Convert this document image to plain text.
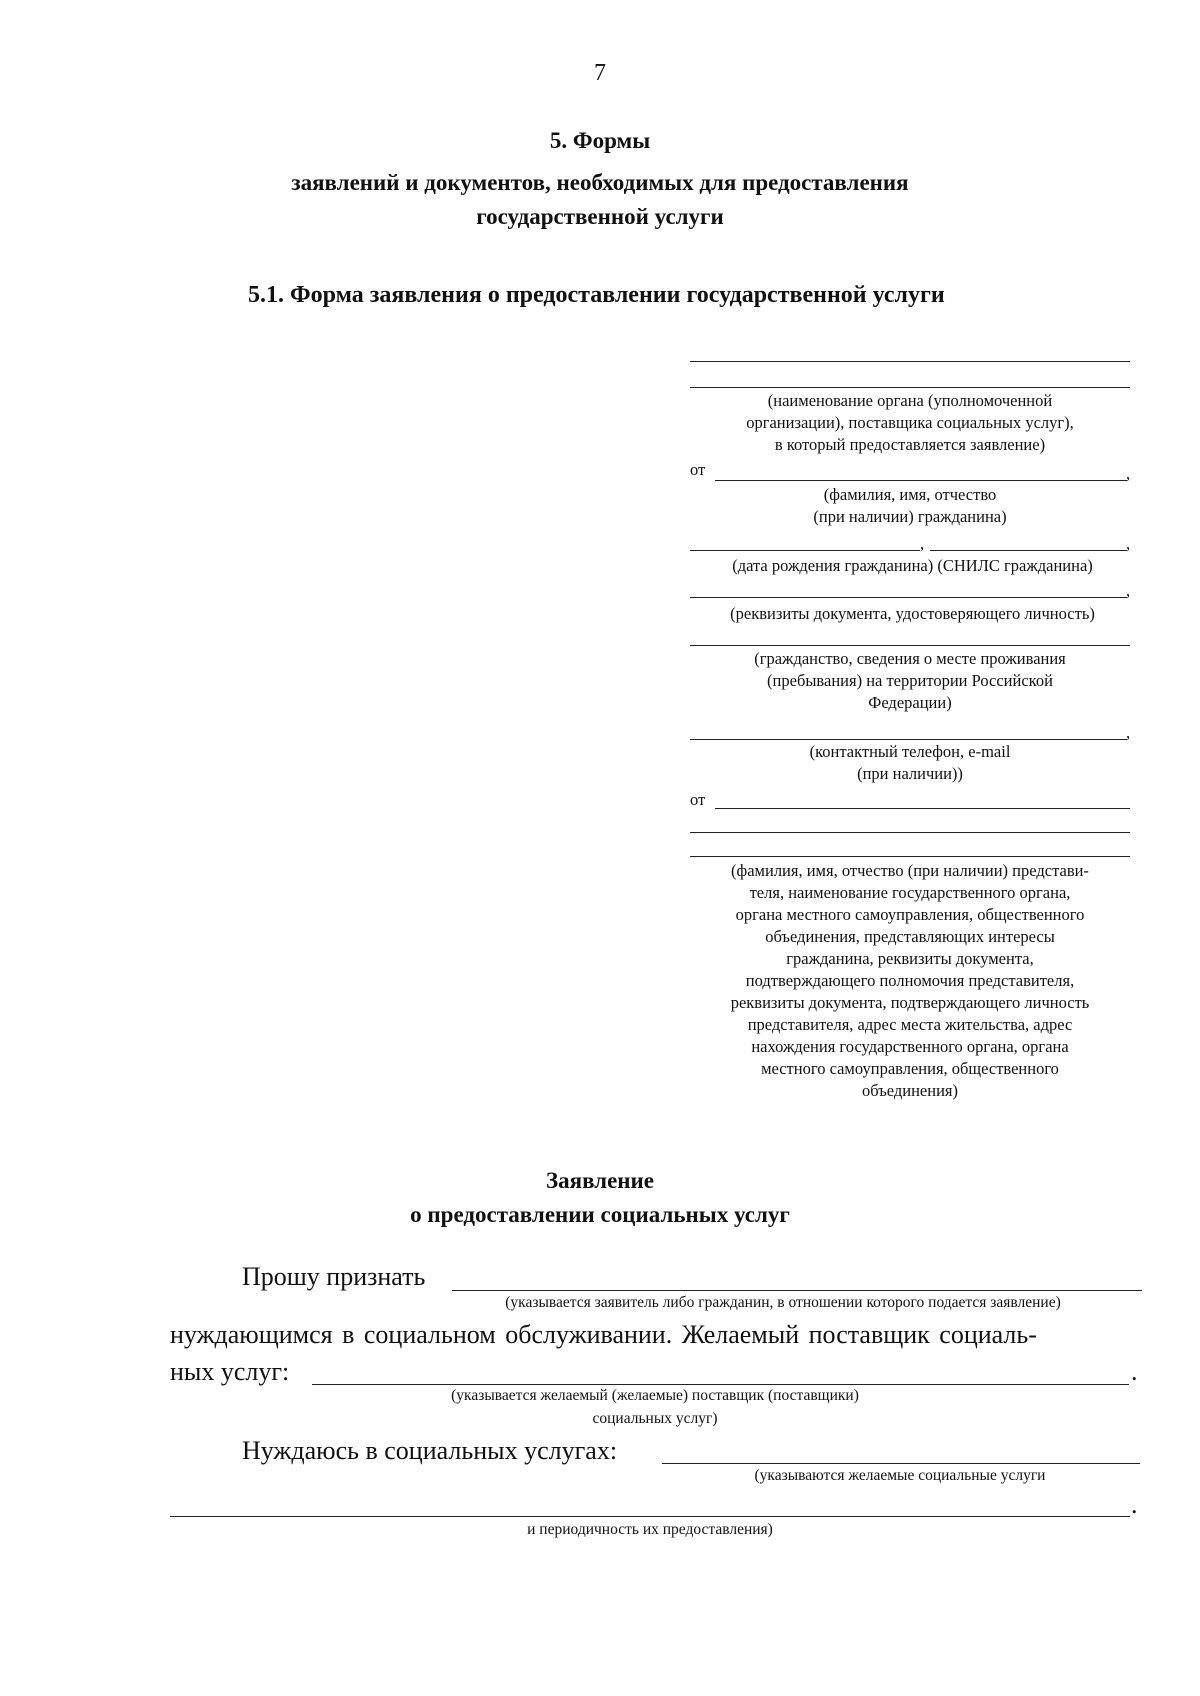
7
5. Формы
заявлений и документов, необходимых для предоставления
государственной услуги
5.1. Форма заявления о предоставлении государственной услуги
(наименование органа (уполномоченной
организации), поставщика социальных услуг),
в который предоставляется заявление)
от	,
(фамилия, имя, отчество
(при наличии) гражданина)
,	,
(дата рождения гражданина) (СНИЛС гражданина)
,
(реквизиты документа, удостоверяющего личность)
(гражданство, сведения о месте проживания
(пребывания) на территории Российской
Федерации)
,
(контактный телефон, e-mail
(при наличии))
от
(фамилия, имя, отчество (при наличии) представи-
теля, наименование государственного органа,
органа местного самоуправления, общественного
объединения, представляющих интересы
гражданина, реквизиты документа,
подтверждающего полномочия представителя,
реквизиты документа, подтверждающего личность
представителя, адрес места жительства, адрес
нахождения государственного органа, органа
местного самоуправления, общественного
объединения)
Заявление
о предоставлении социальных услуг
Прошу признать
(указывается заявитель либо гражданин, в отношении которого подается заявление)
нуждающимся в социальном обслуживании. Желаемый поставщик социаль-
ных услуг:	.
(указывается желаемый (желаемые) поставщик (поставщики)
социальных услуг)
Нуждаюсь в социальных услугах:
(указываются желаемые социальные услуги
.
и периодичность их предоставления)
